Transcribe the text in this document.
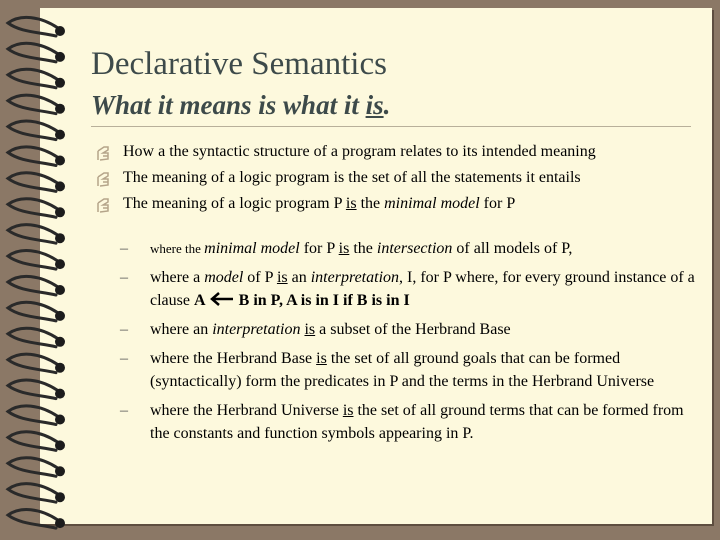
Declarative Semantics
What it means is what it is.
How a the syntactic structure of a program relates to its intended meaning
The meaning of a logic program is the set of all the statements it entails
The meaning of a logic program P is the minimal model for P
– where the minimal model for P is the intersection of all models of P,
– where a model of P is an interpretation, I, for P where, for every ground instance of a clause A  B in P, A is in I if B is in I
– where an interpretation is a subset of the Herbrand Base
– where the Herbrand Base is the set of all ground goals that can be formed (syntactically) form the predicates in P and the terms in the Herbrand Universe
– where the Herbrand Universe is the set of all ground terms that can be formed from the constants and function symbols appearing in P.
